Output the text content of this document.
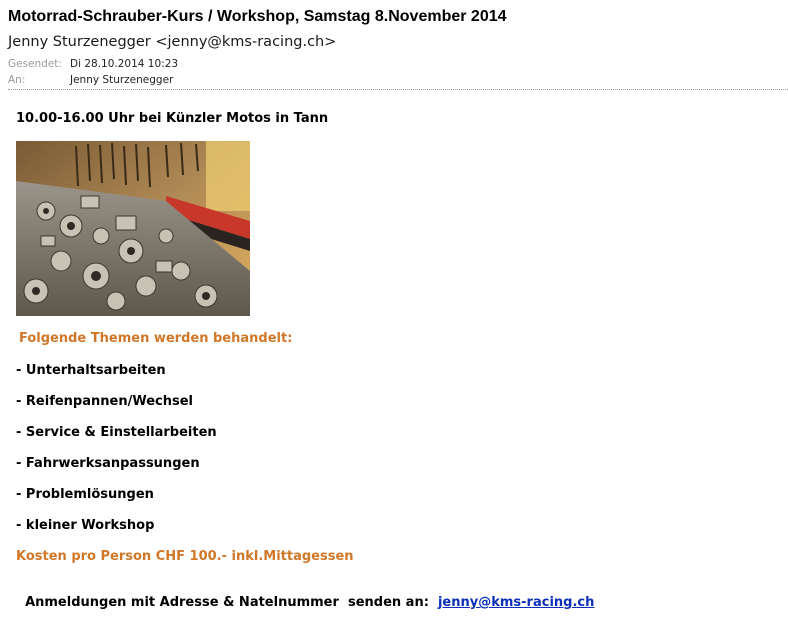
Motorrad-Schrauber-Kurs / Workshop, Samstag 8.November 2014
Jenny Sturzenegger <jenny@kms-racing.ch>
Gesendet: Di 28.10.2014 10:23
An:	Jenny Sturzenegger
10.00-16.00 Uhr bei Künzler Motos in Tann
Folgende Themen werden behandelt:
- Unterhaltsarbeiten
- Reifenpannen/Wechsel
- Service & Einstellarbeiten
- Fahrwerksanpassungen
- Problemlösungen
- kleiner Workshop
Kosten pro Person CHF 100.- inkl.Mittagessen

Anmeldungen mit Adresse & Natelnummer  senden an: jenny@kms-racing.ch
